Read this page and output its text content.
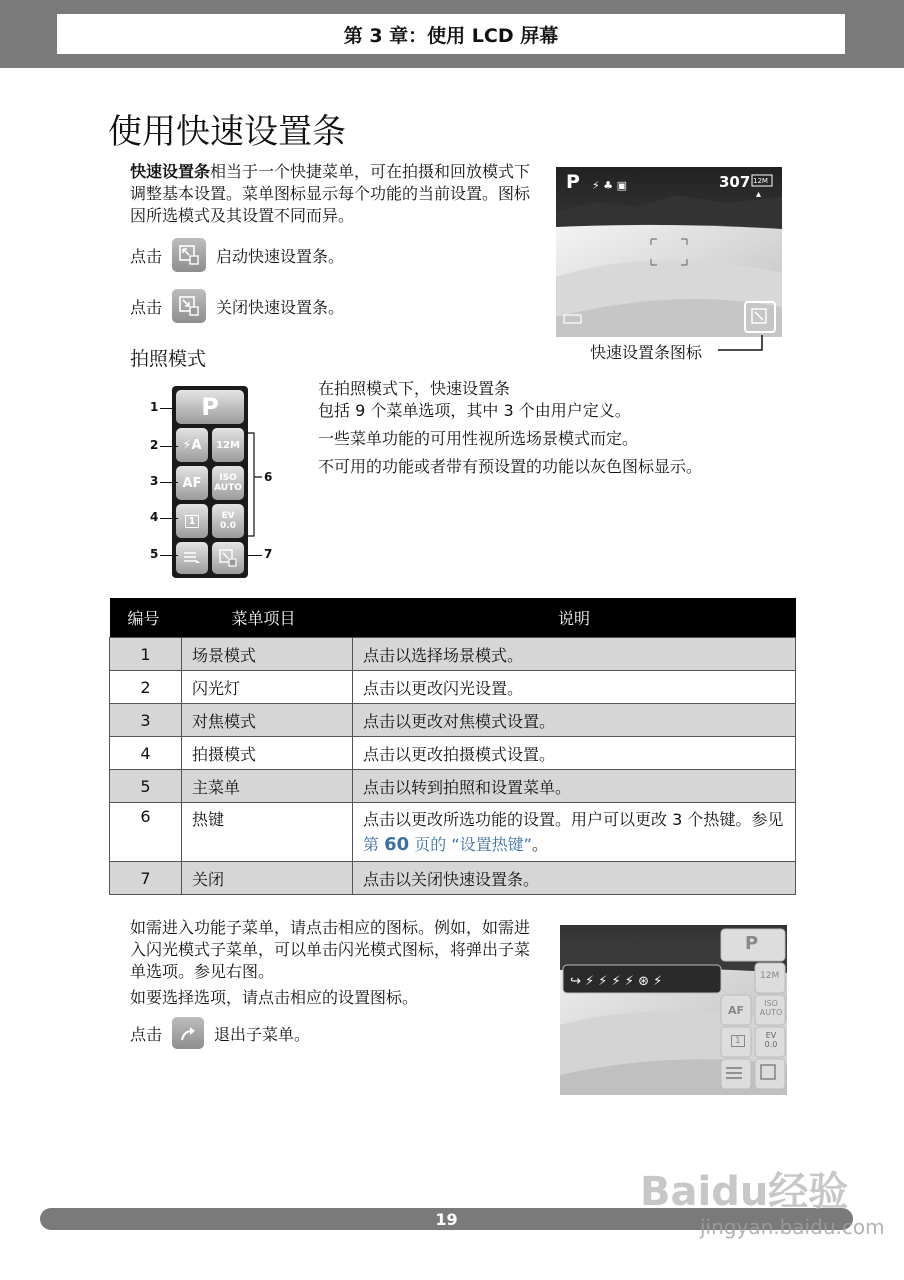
第 3 章：使用 LCD 屏幕
使用快速设置条
快速设置条相当于一个快捷菜单，可在拍摄和回放模式下调整基本设置。菜单图标显示每个功能的当前设置。图标因所选模式及其设置不同而异。
点击	启动快速设置条。
点击	关闭快速设置条。
拍照模式
⚡ ♣ ▣
▴
P	307 12M
快速设置条图标
P
⚡A 12M
AF	ISO AUTO
1	EV 0.0
1
2
3
4
5
6
7
在拍照模式下，快速设置条
包括 9 个菜单选项，其中 3 个由用户定义。
一些菜单功能的可用性视所选场景模式而定。
不可用的功能或者带有预设置的功能以灰色图标显示。
编号	菜单项目	说明
1	场景模式	点击以选择场景模式。
2	闪光灯	点击以更改闪光设置。
3	对焦模式	点击以更改对焦模式设置。
4	拍摄模式	点击以更改拍摄模式设置。
5	主菜单	点击以转到拍照和设置菜单。
6	热键	点击以更改所选功能的设置。用户可以更改 3 个热键。参见第 60 页的 “设置热键”。
7	关闭	点击以关闭快速设置条。
如需进入功能子菜单，请点击相应的图标。例如，如需进入闪光模式子菜单，可以单击闪光模式图标，将弹出子菜单选项。参见右图。
如要选择选项，请点击相应的设置图标。
点击	退出子菜单。
↪ ⚡ ⚡ ⚡ ⚡ ⊛ ⚡
P
12M
AF
ISO AUTO
1
EV 0.0
19
Baidu经验
jingyan.baidu.com
